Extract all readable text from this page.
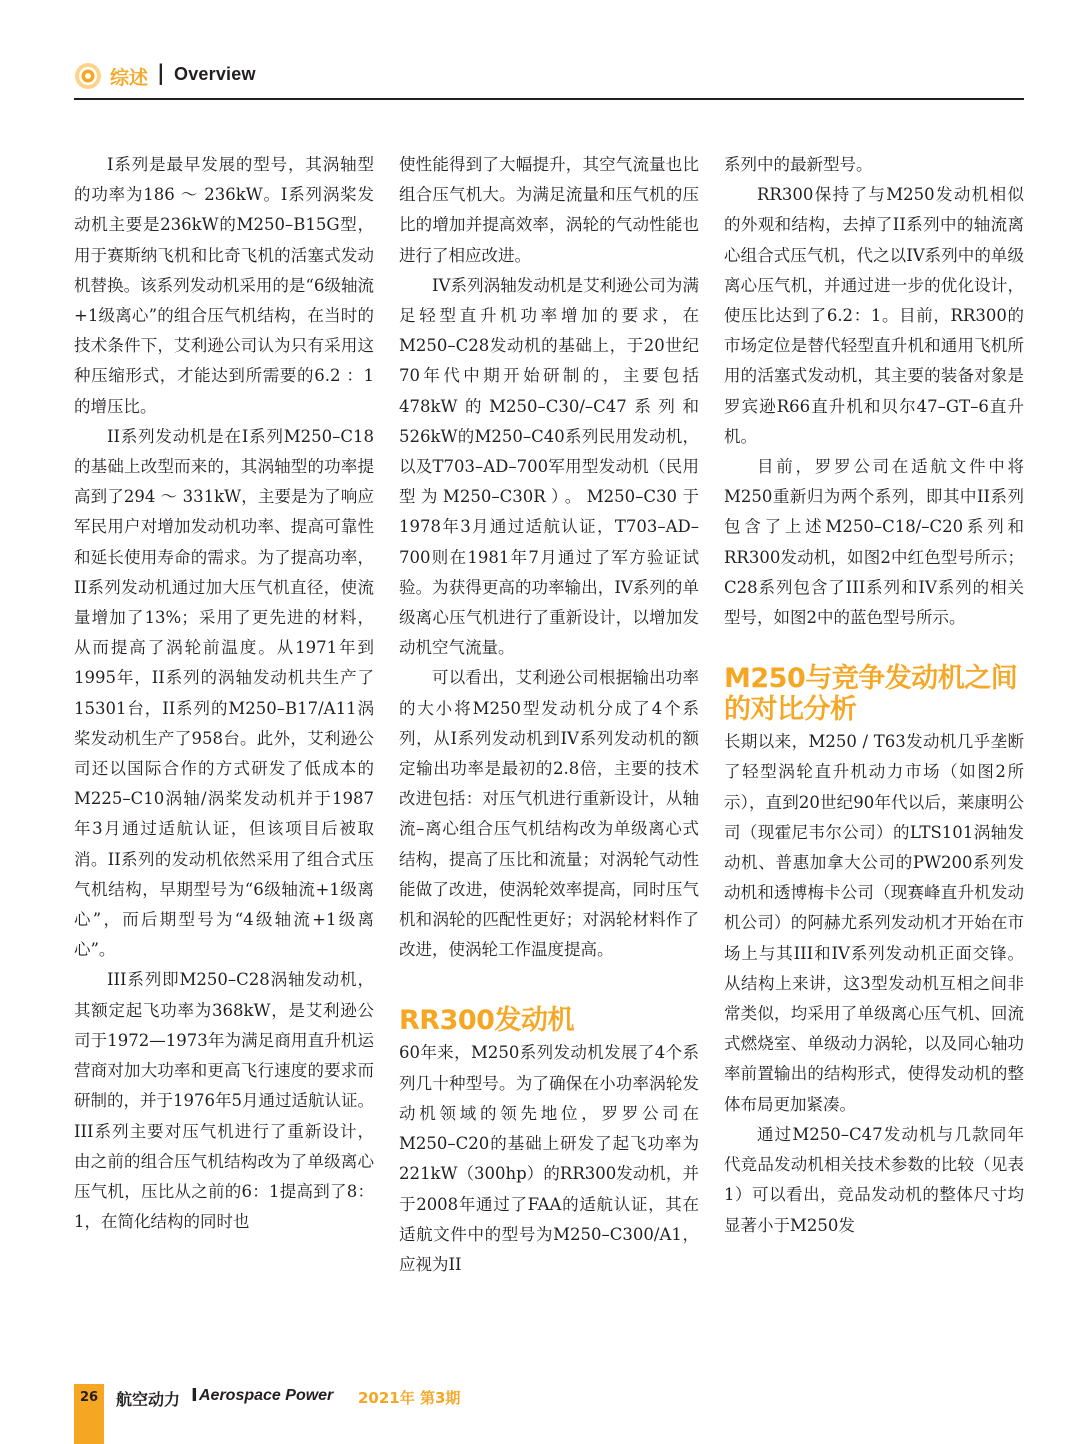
综述 | Overview

I系列是最早发展的型号，其涡轴型的功率为186 ～ 236kW。I系列涡桨发动机主要是236kW的M250–B15G型，用于赛斯纳飞机和比奇飞机的活塞式发动机替换。该系列发动机采用的是“6级轴流+1级离心”的组合压气机结构，在当时的技术条件下，艾利逊公司认为只有采用这种压缩形式，才能达到所需要的6.2 ：1的增压比。

II系列发动机是在I系列M250–C18的基础上改型而来的，其涡轴型的功率提高到了294 ～ 331kW，主要是为了响应军民用户对增加发动机功率、提高可靠性和延长使用寿命的需求。为了提高功率，II系列发动机通过加大压气机直径，使流量增加了13%；采用了更先进的材料，从而提高了涡轮前温度。从1971年到1995年，II系列的涡轴发动机共生产了15301台，II系列的M250–B17/A11涡桨发动机生产了958台。此外，艾利逊公司还以国际合作的方式研发了低成本的M225–C10涡轴/涡桨发动机并于1987年3月通过适航认证，但该项目后被取消。II系列的发动机依然采用了组合式压气机结构，早期型号为“6级轴流+1级离心”，而后期型号为“4级轴流+1级离心”。

III系列即M250–C28涡轴发动机，其额定起飞功率为368kW，是艾利逊公司于1972—1973年为满足商用直升机运营商对加大功率和更高飞行速度的要求而研制的，并于1976年5月通过适航认证。III系列主要对压气机进行了重新设计，由之前的组合压气机结构改为了单级离心压气机，压比从之前的6：1提高到了8：1，在简化结构的同时也

使性能得到了大幅提升，其空气流量也比组合压气机大。为满足流量和压气机的压比的增加并提高效率，涡轮的气动性能也进行了相应改进。

IV系列涡轴发动机是艾利逊公司为满足轻型直升机功率增加的要求，在M250–C28发动机的基础上，于20世纪70年代中期开始研制的，主要包括478kW的M250–C30/–C47系列和526kW的M250–C40系列民用发动机，以及T703–AD–700军用型发动机（民用型为M250–C30R）。M250–C30于1978年3月通过适航认证，T703–AD–700则在1981年7月通过了军方验证试验。为获得更高的功率输出，IV系列的单级离心压气机进行了重新设计，以增加发动机空气流量。

可以看出，艾利逊公司根据输出功率的大小将M250型发动机分成了4个系列，从I系列发动机到IV系列发动机的额定输出功率是最初的2.8倍，主要的技术改进包括：对压气机进行重新设计，从轴流–离心组合压气机结构改为单级离心式结构，提高了压比和流量；对涡轮气动性能做了改进，使涡轮效率提高，同时压气机和涡轮的匹配性更好；对涡轮材料作了改进，使涡轮工作温度提高。

RR300发动机

60年来，M250系列发动机发展了4个系列几十种型号。为了确保在小功率涡轮发动机领域的领先地位，罗罗公司在M250–C20的基础上研发了起飞功率为221kW（300hp）的RR300发动机，并于2008年通过了FAA的适航认证，其在适航文件中的型号为M250–C300/A1，应视为II

系列中的最新型号。

RR300保持了与M250发动机相似的外观和结构，去掉了II系列中的轴流离心组合式压气机，代之以IV系列中的单级离心压气机，并通过进一步的优化设计，使压比达到了6.2：1。目前，RR300的市场定位是替代轻型直升机和通用飞机所用的活塞式发动机，其主要的装备对象是罗宾逊R66直升机和贝尔47–GT–6直升机。

目前，罗罗公司在适航文件中将M250重新归为两个系列，即其中II系列包含了上述M250–C18/–C20系列和RR300发动机，如图2中红色型号所示；C28系列包含了III系列和IV系列的相关型号，如图2中的蓝色型号所示。

M250与竞争发动机之间的对比分析

长期以来，M250 / T63发动机几乎垄断了轻型涡轮直升机动力市场（如图2所示），直到20世纪90年代以后，莱康明公司（现霍尼韦尔公司）的LTS101涡轴发动机、普惠加拿大公司的PW200系列发动机和透博梅卡公司（现赛峰直升机发动机公司）的阿赫尤系列发动机才开始在市场上与其III和IV系列发动机正面交锋。从结构上来讲，这3型发动机互相之间非常类似，均采用了单级离心压气机、回流式燃烧室、单级动力涡轮，以及同心轴功率前置输出的结构形式，使得发动机的整体布局更加紧凑。

通过M250–C47发动机与几款同年代竞品发动机相关技术参数的比较（见表1）可以看出，竞品发动机的整体尺寸均显著小于M250发

26	航空动力 I Aerospace Power 2021年 第3期
